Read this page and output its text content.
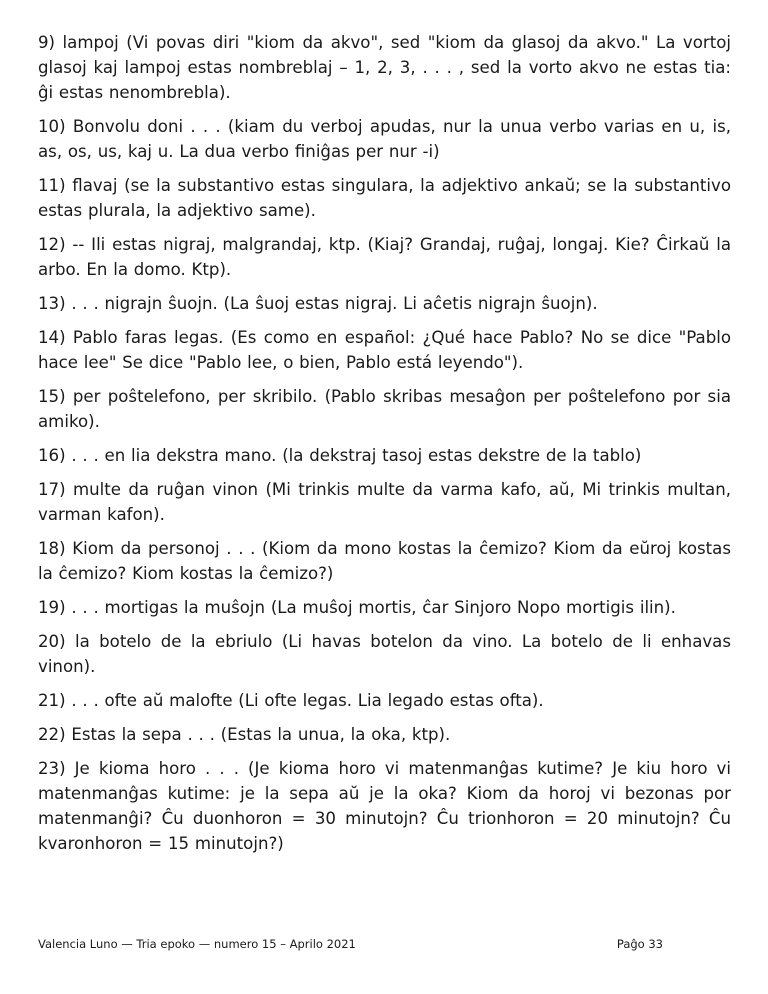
9) lampoj (Vi povas diri "kiom da akvo", sed "kiom da glasoj da akvo." La vortoj glasoj kaj lampoj estas nombreblaj – 1, 2, 3, . . . , sed la vorto akvo ne estas tia: ĝi estas nenombrebla).

10) Bonvolu doni . . . (kiam du verboj apudas, nur la unua verbo varias en u, is, as, os, us, kaj u. La dua verbo finiĝas per nur -i)

11) flavaj (se la substantivo estas singulara, la adjektivo ankaŭ; se la substantivo estas plurala, la adjektivo same).

12) -- Ili estas nigraj, malgrandaj, ktp. (Kiaj? Grandaj, ruĝaj, longaj. Kie? Ĉirkaŭ la arbo. En la domo. Ktp).

13) . . . nigrajn ŝuojn. (La ŝuoj estas nigraj. Li aĉetis nigrajn ŝuojn).

14) Pablo faras legas. (Es como en español: ¿Qué hace Pablo? No se dice "Pablo hace lee" Se dice "Pablo lee, o bien, Pablo está leyendo").

15) per poŝtelefono, per skribilo. (Pablo skribas mesaĝon per poŝtelefono por sia amiko).

16) . . . en lia dekstra mano. (la dekstraj tasoj estas dekstre de la tablo)

17) multe da ruĝan vinon (Mi trinkis multe da varma kafo, aŭ, Mi trinkis multan, varman kafon).

18) Kiom da personoj . . . (Kiom da mono kostas la ĉemizo? Kiom da eŭroj kostas la ĉemizo? Kiom kostas la ĉemizo?)

19) . . . mortigas la muŝojn (La muŝoj mortis, ĉar Sinjoro Nopo mortigis ilin).

20) la botelo de la ebriulo (Li havas botelon da vino. La botelo de li enhavas vinon).

21) . . . ofte aŭ malofte (Li ofte legas. Lia legado estas ofta).

22) Estas la sepa . . . (Estas la unua, la oka, ktp).

23) Je kioma horo . . . (Je kioma horo vi matenmanĝas kutime? Je kiu horo vi matenmanĝas kutime: je la sepa aŭ je la oka? Kiom da horoj vi bezonas por matenmanĝi? Ĉu duonhoron = 30 minutojn? Ĉu trionhoron = 20 minutojn? Ĉu kvaronhoron = 15 minutojn?)

Valencia Luno — Tria epoko — numero 15 – Aprilo 2021	Paĝo 33
